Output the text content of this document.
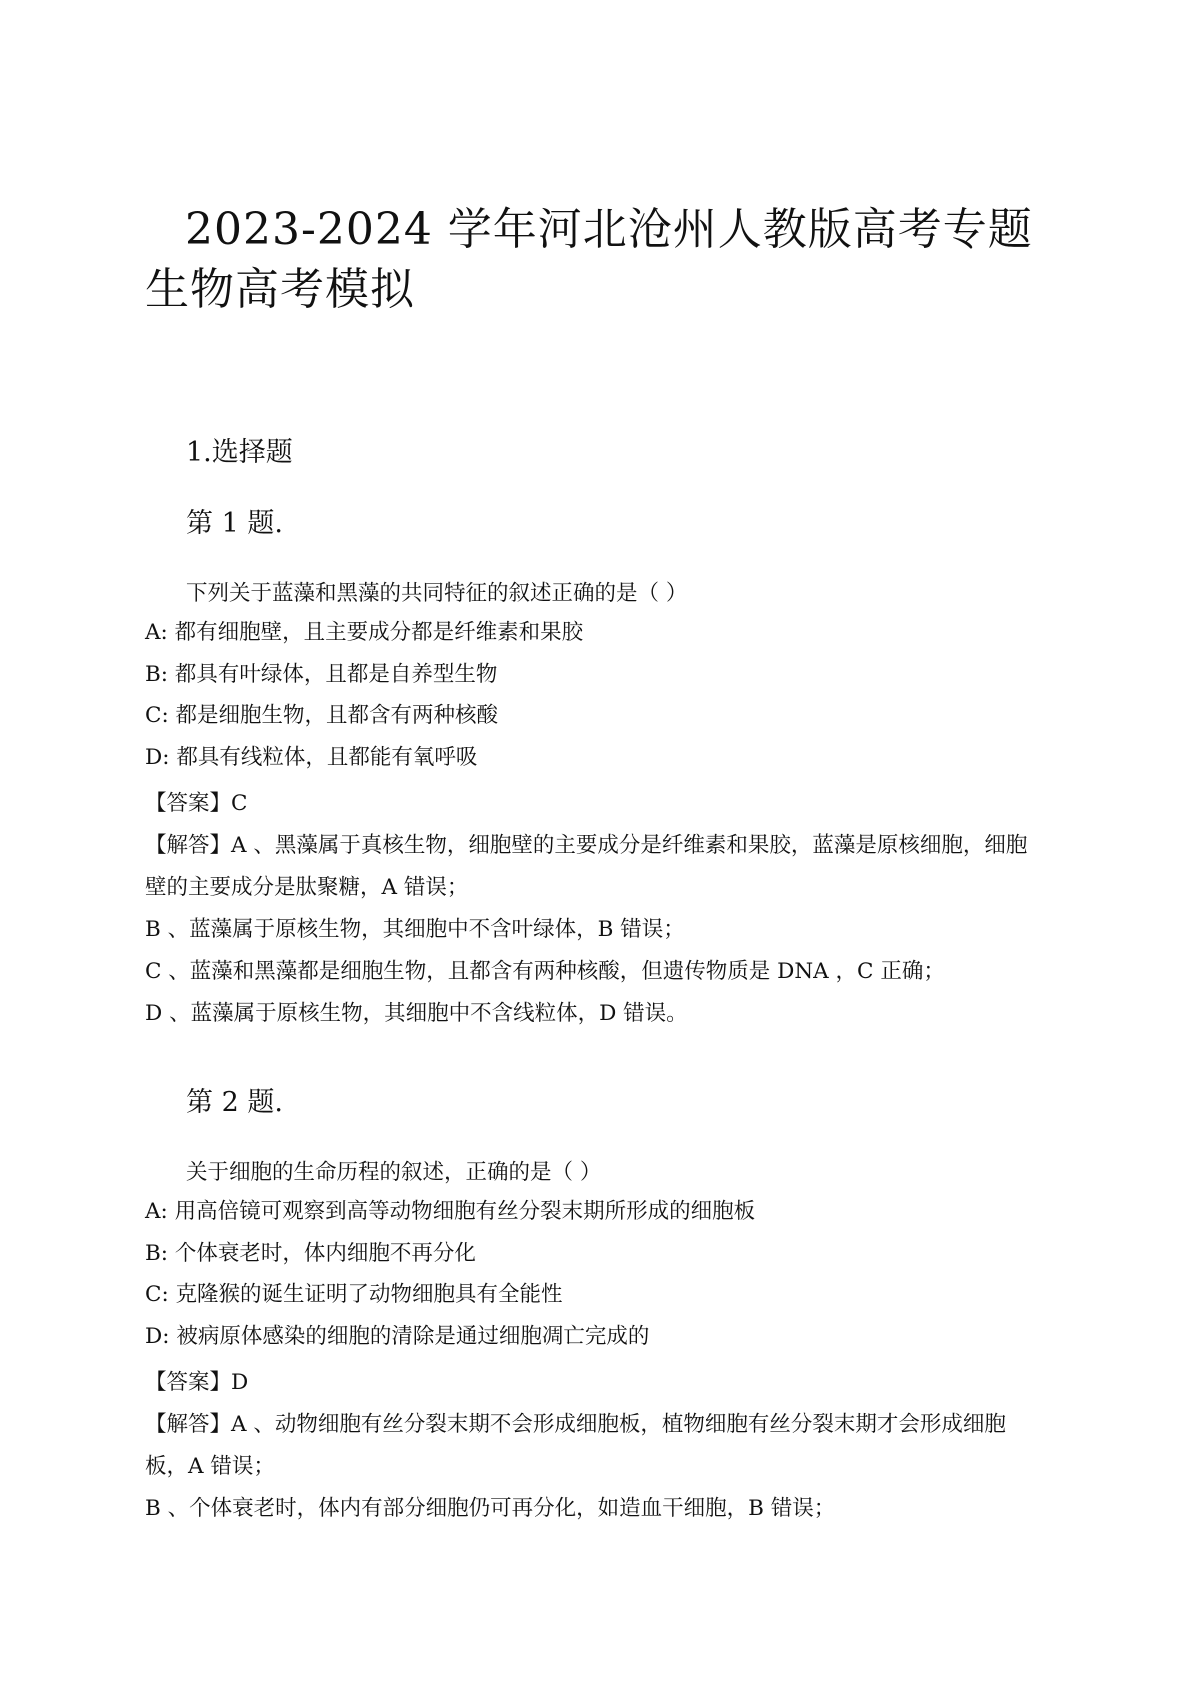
2023-2024 学年河北沧州人教版高考专题生物高考模拟
1.选择题
第 1 题.
下列关于蓝藻和黑藻的共同特征的叙述正确的是（ ）
A: 都有细胞壁，且主要成分都是纤维素和果胶
B: 都具有叶绿体，且都是自养型生物
C: 都是细胞生物，且都含有两种核酸
D: 都具有线粒体，且都能有氧呼吸
【答案】C
【解答】A 、黑藻属于真核生物，细胞壁的主要成分是纤维素和果胶，蓝藻是原核细胞，细胞壁的主要成分是肽聚糖，A 错误；
B 、蓝藻属于原核生物，其细胞中不含叶绿体，B 错误；
C 、蓝藻和黑藻都是细胞生物，且都含有两种核酸，但遗传物质是 DNA ，C 正确；
D 、蓝藻属于原核生物，其细胞中不含线粒体，D 错误。
第 2 题.
关于细胞的生命历程的叙述，正确的是（ ）
A: 用高倍镜可观察到高等动物细胞有丝分裂末期所形成的细胞板
B: 个体衰老时，体内细胞不再分化
C: 克隆猴的诞生证明了动物细胞具有全能性
D: 被病原体感染的细胞的清除是通过细胞凋亡完成的
【答案】D
【解答】A 、动物细胞有丝分裂末期不会形成细胞板，植物细胞有丝分裂末期才会形成细胞板，A 错误；
B 、个体衰老时，体内有部分细胞仍可再分化，如造血干细胞，B 错误；
